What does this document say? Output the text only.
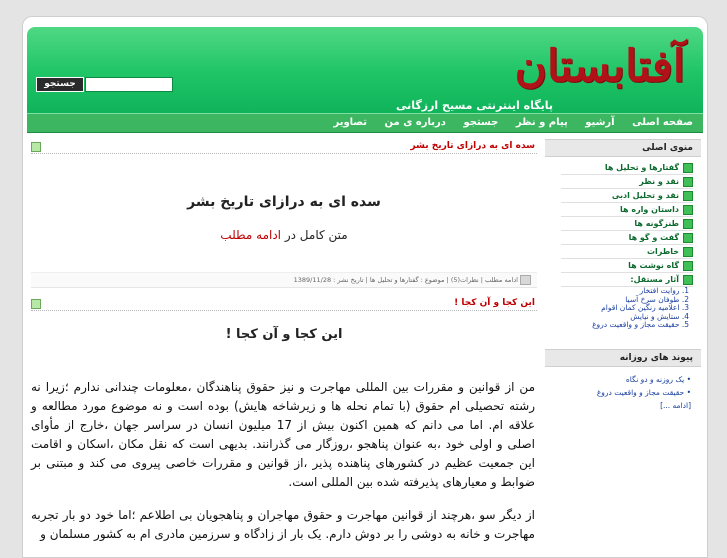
آفتابستان
پایگاه اینترنتی مسیح ارزگانی
جستجو
صفحه اصلی آرشیو پیام و نظر جستجو درباره ی من تصاویر
منوی اصلی
گفتارها و تحلیل ها
نقد و نظر
نقد و تحلیل ادبی
داستان واره ها
طنزگونه ها
گفت و گو ها
خاطرات
گاه نوشت ها
آثار مستقل:
1. روایت افتخار
2. طوفان سرخ آسیا
3. اعلامیه رنگین کمان اقوام
4. ستایش و نیایش
5. حقیقت مجاز و واقعیت دروغ
پیوند های روزانه
• یک روزنه و دو نگاه
• حقیقت مجاز و واقعیت دروغ
[ادامه ...]
سده ای به درازای تاریخ بشر
سده ای به درازای تاریخ بشر
متن کامل در ادامه مطلب
ادامه مطلب | نظرات(5) | موضوع : گفتارها و تحلیل ها | تاریخ نشر : 1389/11/28
این کجا و آن کجا !
این کجا و آن کجا !

من از قوانین و مقررات بین المللی مهاجرت و نیز حقوق پناهندگان ،معلومات چندانی ندارم ؛زیرا نه رشته تحصیلی ام حقوق (با تمام نحله ها و زیرشاخه هایش) بوده است و نه موضوع مورد مطالعه و علاقه ام. اما می دانم که همین اکنون بیش از 17 میلیون انسان در سراسر جهان ،خارج از مأوای اصلی و اولی خود ،به عنوان پناهجو ،روزگار می گذرانند. بدیهی است که نقل مکان ،اسکان و اقامت این جمعیت عظیم در کشورهای پناهنده پذیر ،از قوانین و مقررات خاصی پیروی می کند و مبتنی بر ضوابط و معیارهای پذیرفته شده بین المللی است.

از دیگر سو ،هرچند از قوانین مهاجرت و حقوق مهاجران و پناهجویان بی اطلاعم ؛اما خود دو بار تجربه مهاجرت و خانه به دوشی را بر دوش دارم. یک بار از زادگاه و سرزمین مادری ام به کشور مسلمان و
